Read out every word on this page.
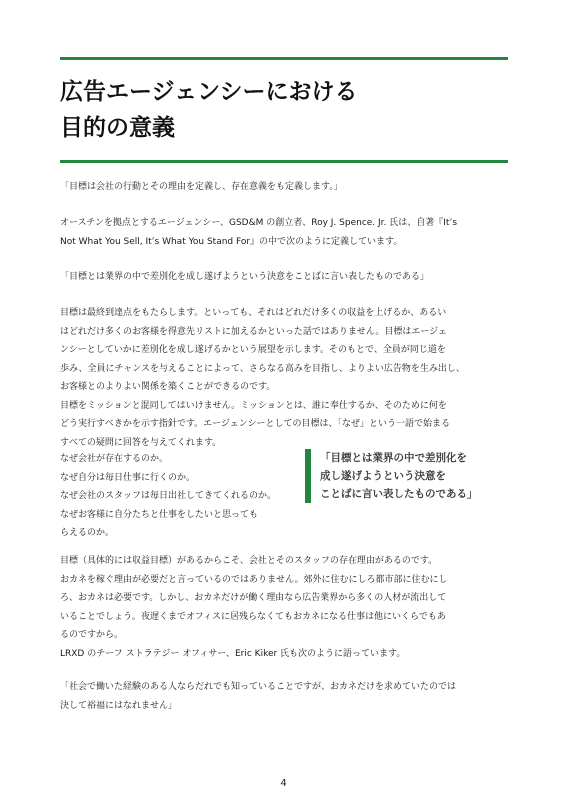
広告エージェンシーにおける
目的の意義

「目標は会社の行動とその理由を定義し、存在意義をも定義します。」

オースチンを拠点とするエージェンシー、GSD&M の創立者、Roy J. Spence. Jr. 氏は、自著『It’s
Not What You Sell, It’s What You Stand For』の中で次のように定義しています。

「目標とは業界の中で差別化を成し遂げようという決意をことばに言い表したものである」

目標は最終到達点をもたらします。といっても、それはどれだけ多くの収益を上げるか、あるい
はどれだけ多くのお客様を得意先リストに加えるかといった話ではありません。目標はエージェ
ンシーとしていかに差別化を成し遂げるかという展望を示します。そのもとで、全員が同じ道を
歩み、全員にチャンスを与えることによって、さらなる高みを目指し、よりよい広告物を生み出し、
お客様とのよりよい関係を築くことができるのです。
目標をミッションと混同してはいけません。ミッションとは、誰に奉仕するか、そのために何を
どう実行すべきかを示す指針です。エージェンシーとしての目標は、「なぜ」という一語で始まる
すべての疑問に回答を与えてくれます。

なぜ会社が存在するのか。
なぜ自分は毎日仕事に行くのか。
なぜ会社のスタッフは毎日出社してきてくれるのか。
なぜお客様に自分たちと仕事をしたいと思っても
らえるのか。

「目標とは業界の中で差別化を
成し遂げようという決意を
ことばに言い表したものである」

目標（具体的には収益目標）があるからこそ、会社とそのスタッフの存在理由があるのです。
おカネを稼ぐ理由が必要だと言っているのではありません。郊外に住むにしろ都市部に住むにし
ろ、おカネは必要です。しかし、おカネだけが働く理由なら広告業界から多くの人材が流出して
いることでしょう。夜遅くまでオフィスに居残らなくてもおカネになる仕事は他にいくらでもあ
るのですから。
LRXD のチーフ ストラテジー オフィサー、Eric Kiker 氏も次のように語っています。

「社会で働いた経験のある人ならだれでも知っていることですが、おカネだけを求めていたのでは
決して裕福にはなれません」

4
